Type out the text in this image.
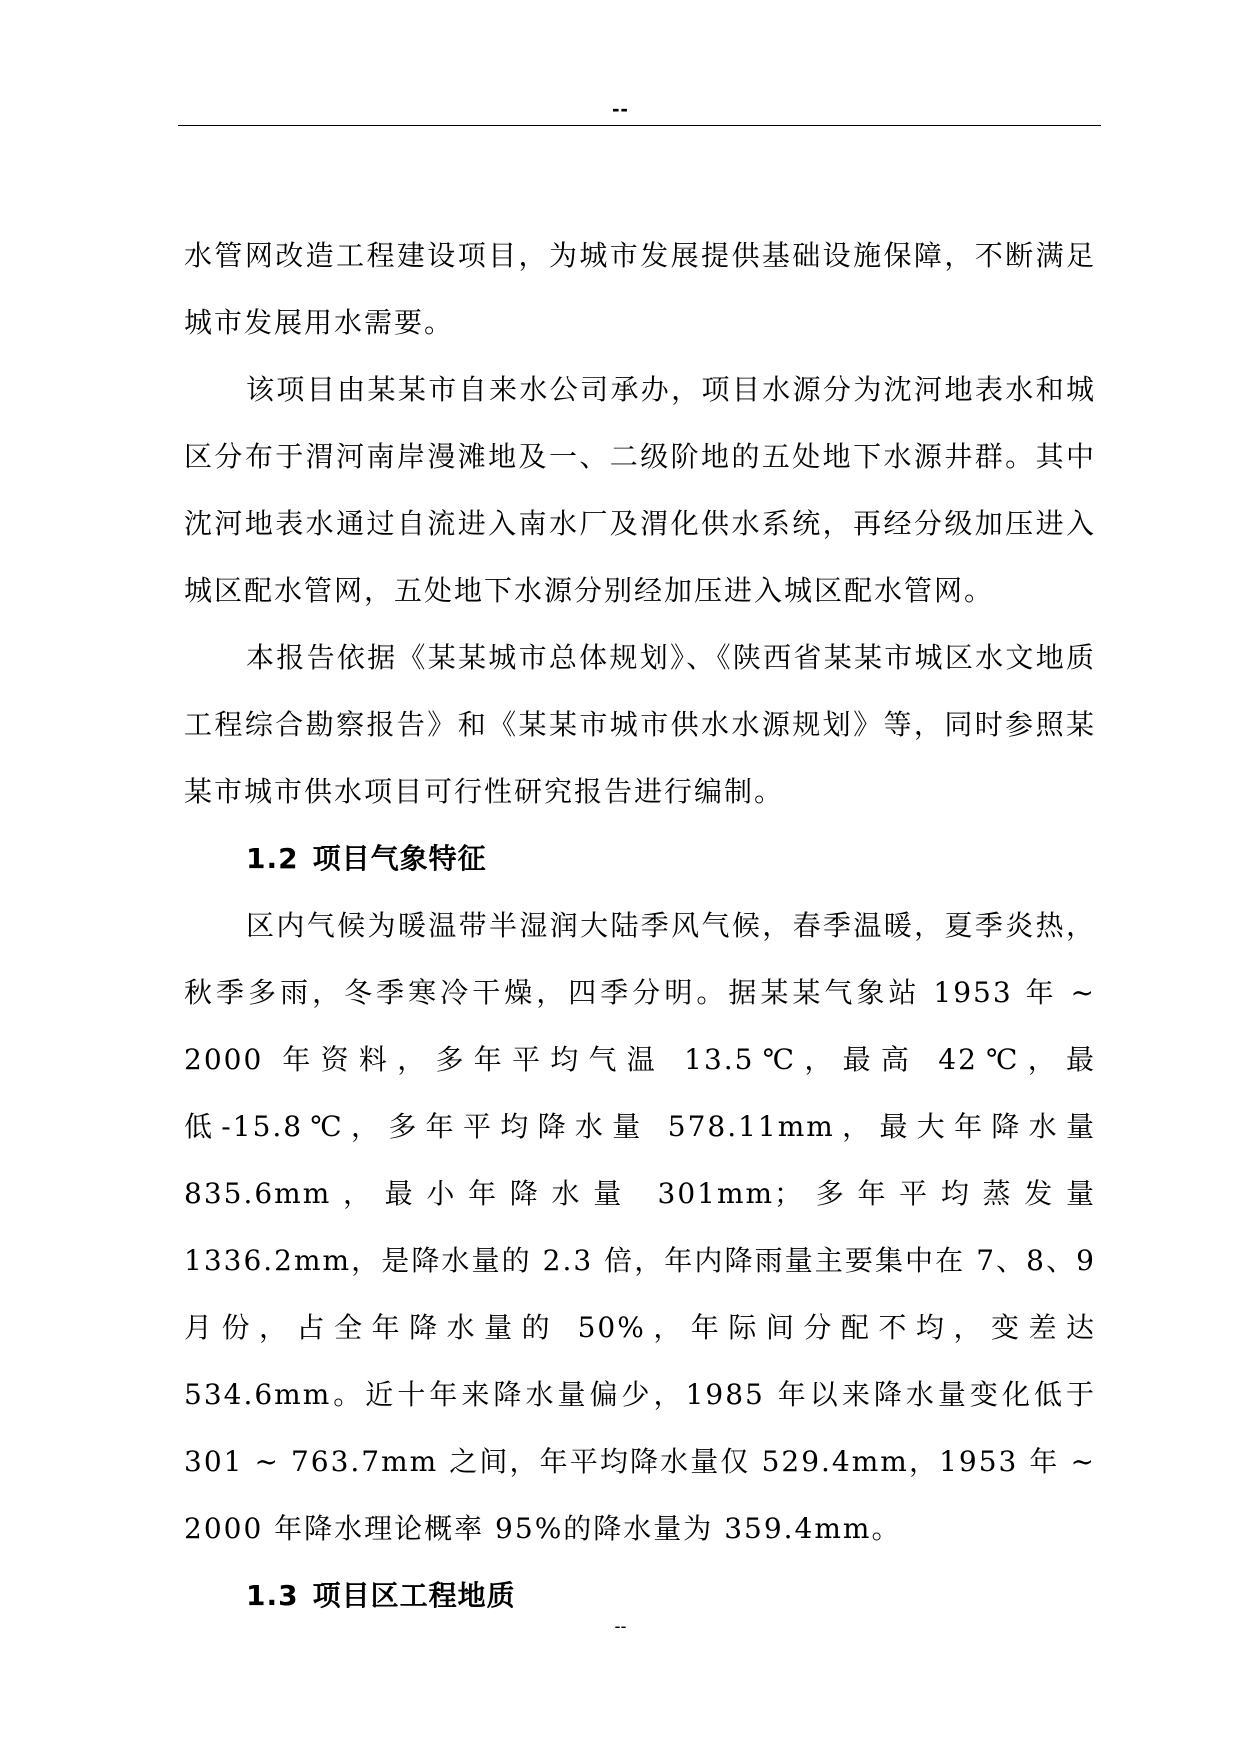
--

水管网改造工程建设项目，为城市发展提供基础设施保障，不断满足城市发展用水需要。

该项目由某某市自来水公司承办，项目水源分为沈河地表水和城区分布于渭河南岸漫滩地及一、二级阶地的五处地下水源井群。其中沈河地表水通过自流进入南水厂及渭化供水系统，再经分级加压进入城区配水管网，五处地下水源分别经加压进入城区配水管网。

本报告依据《某某城市总体规划》、《陕西省某某市城区水文地质工程综合勘察报告》和《某某市城市供水水源规划》等，同时参照某某市城市供水项目可行性研究报告进行编制。

1.2 项目气象特征

区内气候为暖温带半湿润大陆季风气候，春季温暖，夏季炎热，秋季多雨，冬季寒冷干燥，四季分明。据某某气象站 1953 年 ~ 2000 年资料，多年平均气温 13.5℃，最高 42℃，最低-15.8℃，多年平均降水量 578.11mm，最大年降水量 835.6mm，最小年降水量 301mm；多年平均蒸发量 1336.2mm，是降水量的 2.3 倍，年内降雨量主要集中在 7、8、9 月份，占全年降水量的 50%，年际间分配不均，变差达 534.6mm。近十年来降水量偏少，1985 年以来降水量变化低于 301 ~ 763.7mm 之间，年平均降水量仅 529.4mm，1953 年 ~ 2000 年降水理论概率 95%的降水量为 359.4mm。

1.3 项目区工程地质
--
